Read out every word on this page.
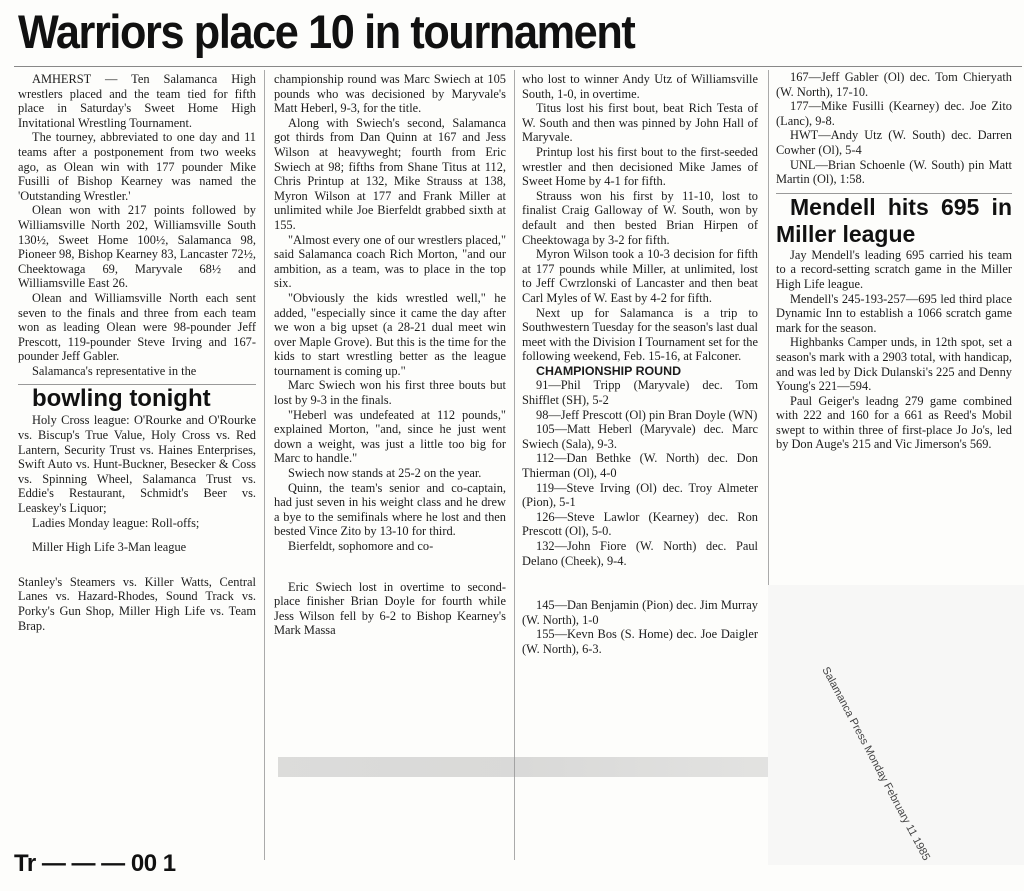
Warriors place 10 in tournament

AMHERST — Ten Salamanca High wrestlers placed and the team tied for fifth place in Saturday's Sweet Home High Invitational Wrestling Tournament.

The tourney, abbreviated to one day and 11 teams after a postponement from two weeks ago, as Olean win with 177 pounder Mike Fusilli of Bishop Kearney was named the 'Outstanding Wrestler.'

Olean won with 217 points followed by Williamsville North 202, Williamsville South 130½, Sweet Home 100½, Salamanca 98, Pioneer 98, Bishop Kearney 83, Lancaster 72½, Cheektowaga 69, Maryvale 68½ and Williamsville East 26.

Olean and Williamsville North each sent seven to the finals and three from each team won as leading Olean were 98-pounder Jeff Prescott, 119-pounder Steve Irving and 167-pounder Jeff Gabler.

Salamanca's representative in the

bowling tonight

Holy Cross league: O'Rourke and O'Rourke vs. Biscup's True Value, Holy Cross vs. Red Lantern, Security Trust vs. Haines Enterprises, Swift Auto vs. Hunt-Buckner, Besecker & Coss vs. Spinning Wheel, Salamanca Trust vs. Eddie's Restaurant, Schmidt's Beer vs. Leaskey's Liquor;

Ladies Monday league: Roll-offs;

Miller High Life 3-Man league

Stanley's Steamers vs. Killer Watts, Central Lanes vs. Hazard-Rhodes, Sound Track vs. Porky's Gun Shop, Miller High Life vs. Team Brap.

championship round was Marc Swiech at 105 pounds who was decisioned by Maryvale's Matt Heberl, 9-3, for the title.

Along with Swiech's second, Salamanca got thirds from Dan Quinn at 167 and Jess Wilson at heavyweght; fourth from Eric Swiech at 98; fifths from Shane Titus at 112, Chris Printup at 132, Mike Strauss at 138, Myron Wilson at 177 and Frank Miller at unlimited while Joe Bierfeldt grabbed sixth at 155.

"Almost every one of our wrestlers placed," said Salamanca coach Rich Morton, "and our ambition, as a team, was to place in the top six.

"Obviously the kids wrestled well," he added, "especially since it came the day after we won a big upset (a 28-21 dual meet win over Maple Grove). But this is the time for the kids to start wrestling better as the league tournament is coming up."

Marc Swiech won his first three bouts but lost by 9-3 in the finals.

"Heberl was undefeated at 112 pounds," explained Morton, "and, since he just went down a weight, was just a little too big for Marc to handle."

Swiech now stands at 25-2 on the year.

Quinn, the team's senior and co-captain, had just seven in his weight class and he drew a bye to the semifinals where he lost and then bested Vince Zito by 13-10 for third.

Bierfeldt, sophomore and co-

Eric Swiech lost in overtime to second-place finisher Brian Doyle for fourth while Jess Wilson fell by 6-2 to Bishop Kearney's Mark Massa

who lost to winner Andy Utz of Williamsville South, 1-0, in overtime.

Titus lost his first bout, beat Rich Testa of W. South and then was pinned by John Hall of Maryvale.

Printup lost his first bout to the first-seeded wrestler and then decisioned Mike James of Sweet Home by 4-1 for fifth.

Strauss won his first by 11-10, lost to finalist Craig Galloway of W. South, won by default and then bested Brian Hirpen of Cheektowaga by 3-2 for fifth.

Myron Wilson took a 10-3 decision for fifth at 177 pounds while Miller, at unlimited, lost to Jeff Cwrzlonski of Lancaster and then beat Carl Myles of W. East by 4-2 for fifth.

Next up for Salamanca is a trip to Southwestern Tuesday for the season's last dual meet with the Division I Tournament set for the following weekend, Feb. 15-16, at Falconer.

CHAMPIONSHIP ROUND

91—Phil Tripp (Maryvale) dec. Tom Shifflet (SH), 5-2

98—Jeff Prescott (Ol) pin Bran Doyle (WN)

105—Matt Heberl (Maryvale) dec. Marc Swiech (Sala), 9-3.

112—Dan Bethke (W. North) dec. Don Thierman (Ol), 4-0

119—Steve Irving (Ol) dec. Troy Almeter (Pion), 5-1

126—Steve Lawlor (Kearney) dec. Ron Prescott (Ol), 5-0.

132—John Fiore (W. North) dec. Paul Delano (Cheek), 9-4.

145—Dan Benjamin (Pion) dec. Jim Murray (W. North), 1-0

155—Kevn Bos (S. Home) dec. Joe Daigler (W. North), 6-3.

167—Jeff Gabler (Ol) dec. Tom Chieryath (W. North), 17-10.

177—Mike Fusilli (Kearney) dec. Joe Zito (Lanc), 9-8.

HWT—Andy Utz (W. South) dec. Darren Cowher (Ol), 5-4

UNL—Brian Schoenle (W. South) pin Matt Martin (Ol), 1:58.

Mendell hits 695 in Miller league

Jay Mendell's leading 695 carried his team to a record-setting scratch game in the Miller High Life league.

Mendell's 245-193-257—695 led third place Dynamic Inn to establish a 1066 scratch game mark for the season.

Highbanks Camper unds, in 12th spot, set a season's mark with a 2903 total, with handicap, and was led by Dick Dulanski's 225 and Denny Young's 221—594.

Paul Geiger's leadng 279 game combined with 222 and 160 for a 661 as Reed's Mobil swept to within three of first-place Jo Jo's, led by Don Auge's 215 and Vic Jimerson's 569.

Salamanca Press Monday February 11 1985
Tr — — — 00 1
